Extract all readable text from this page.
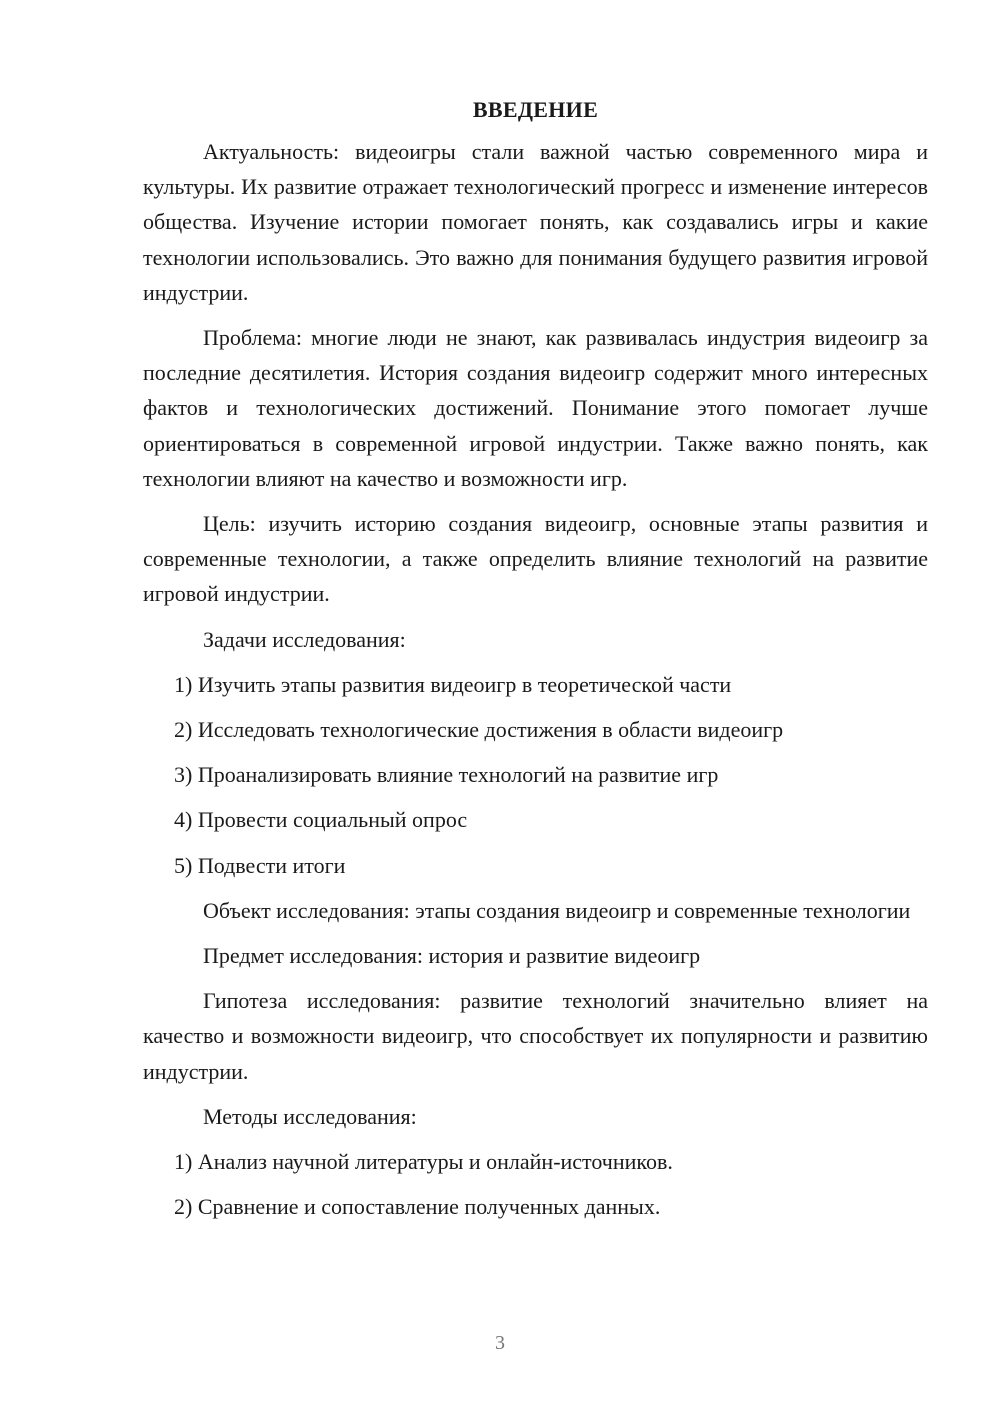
ВВЕДЕНИЕ

Актуальность: видеоигры стали важной частью современного мира и культуры. Их развитие отражает технологический прогресс и изменение интересов общества. Изучение истории помогает понять, как создавались игры и какие технологии использовались. Это важно для понимания будущего развития игровой индустрии.

Проблема: многие люди не знают, как развивалась индустрия видеоигр за последние десятилетия. История создания видеоигр содержит много интересных фактов и технологических достижений. Понимание этого помогает лучше ориентироваться в современной игровой индустрии. Также важно понять, как технологии влияют на качество и возможности игр.

Цель: изучить историю создания видеоигр, основные этапы развития и современные технологии, а также определить влияние технологий на развитие игровой индустрии.

Задачи исследования:

1) Изучить этапы развития видеоигр в теоретической части
2) Исследовать технологические достижения в области видеоигр
3) Проанализировать влияние технологий на развитие игр
4) Провести социальный опрос
5) Подвести итоги

Объект исследования: этапы создания видеоигр и современные технологии

Предмет исследования: история и развитие видеоигр

Гипотеза исследования: развитие технологий значительно влияет на качество и возможности видеоигр, что способствует их популярности и развитию индустрии.

Методы исследования:

1) Анализ научной литературы и онлайн-источников.
2) Сравнение и сопоставление полученных данных.
3
